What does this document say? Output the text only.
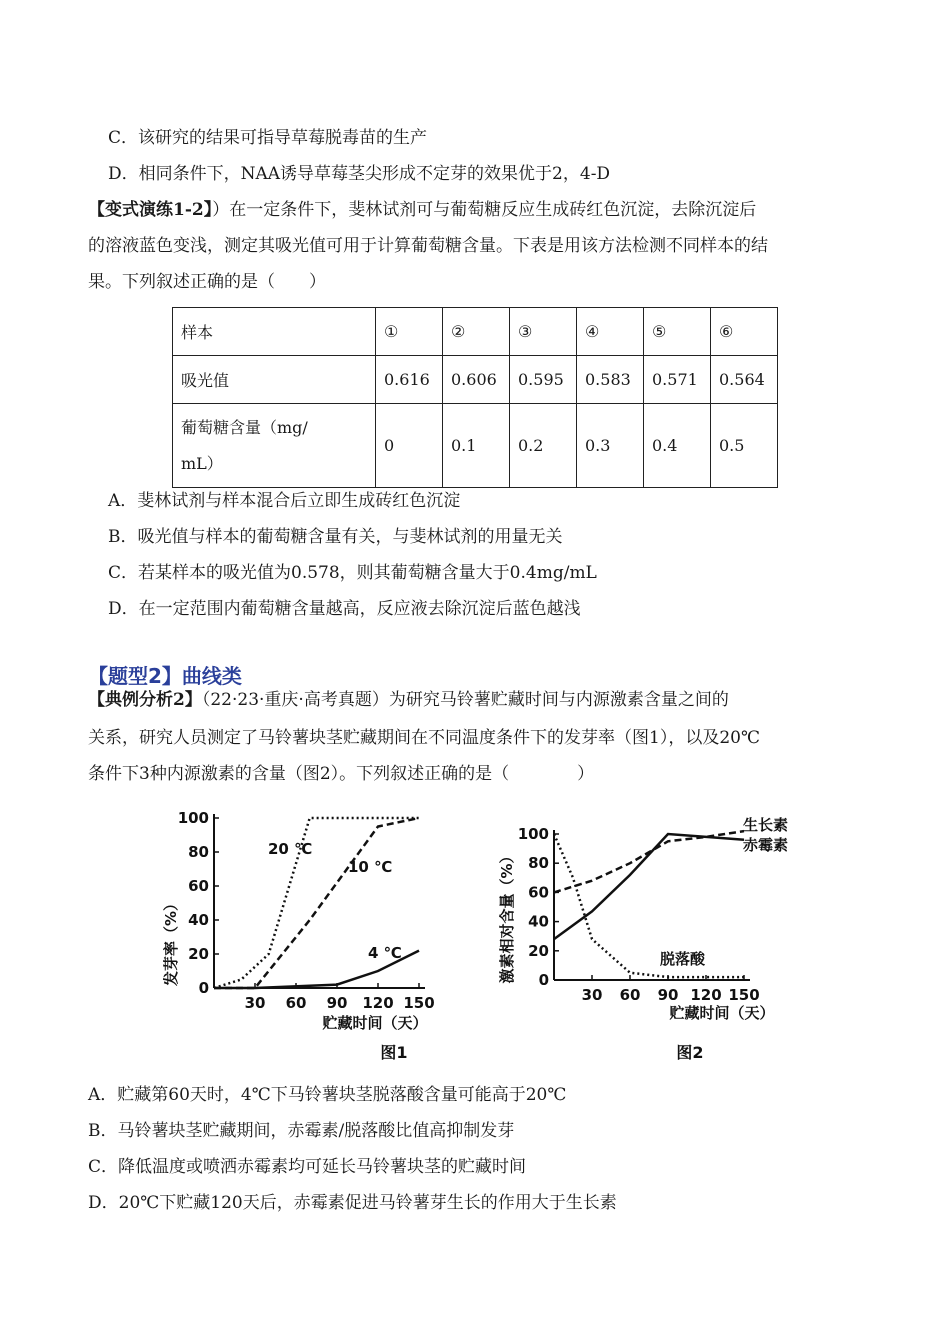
C．该研究的结果可指导草莓脱毒苗的生产
D．相同条件下，NAA诱导草莓茎尖形成不定芽的效果优于2，4-D
【变式演练1-2】）在一定条件下，斐林试剂可与葡萄糖反应生成砖红色沉淀，去除沉淀后
的溶液蓝色变浅，测定其吸光值可用于计算葡萄糖含量。下表是用该方法检测不同样本的结
果。下列叙述正确的是（　　）
样本	①	②	③	④	⑤	⑥
吸光值	0.616	0.606	0.595	0.583	0.571	0.564

葡萄糖含量（mg/
mL）	0	0.1	0.2	0.3	0.4	0.5
A．斐林试剂与样本混合后立即生成砖红色沉淀
B．吸光值与样本的葡萄糖含量有关，与斐林试剂的用量无关
C．若某样本的吸光值为0.578，则其葡萄糖含量大于0.4mg/mL
D．在一定范围内葡萄糖含量越高，反应液去除沉淀后蓝色越浅
【题型2】曲线类
【典例分析2】（22·23·重庆·高考真题）为研究马铃薯贮藏时间与内源激素含量之间的
关系，研究人员测定了马铃薯块茎贮藏期间在不同温度条件下的发芽率（图1），以及20℃
条件下3种内源激素的含量（图2）。下列叙述正确的是（　　　　）
发芽率（%）
贮藏时间（天）
图1
20 ℃
10 ℃
4 ℃
0
20
40
60
80
100
30 60 90 120 150
激素相对含量（%）
贮藏时间（天）
图2
生长素
赤霉素
脱落酸
0
20
40
60
80
100
30 60 90 120 150
A．贮藏第60天时，4℃下马铃薯块茎脱落酸含量可能高于20℃
B．马铃薯块茎贮藏期间，赤霉素/脱落酸比值高抑制发芽
C．降低温度或喷洒赤霉素均可延长马铃薯块茎的贮藏时间
D．20℃下贮藏120天后，赤霉素促进马铃薯芽生长的作用大于生长素
